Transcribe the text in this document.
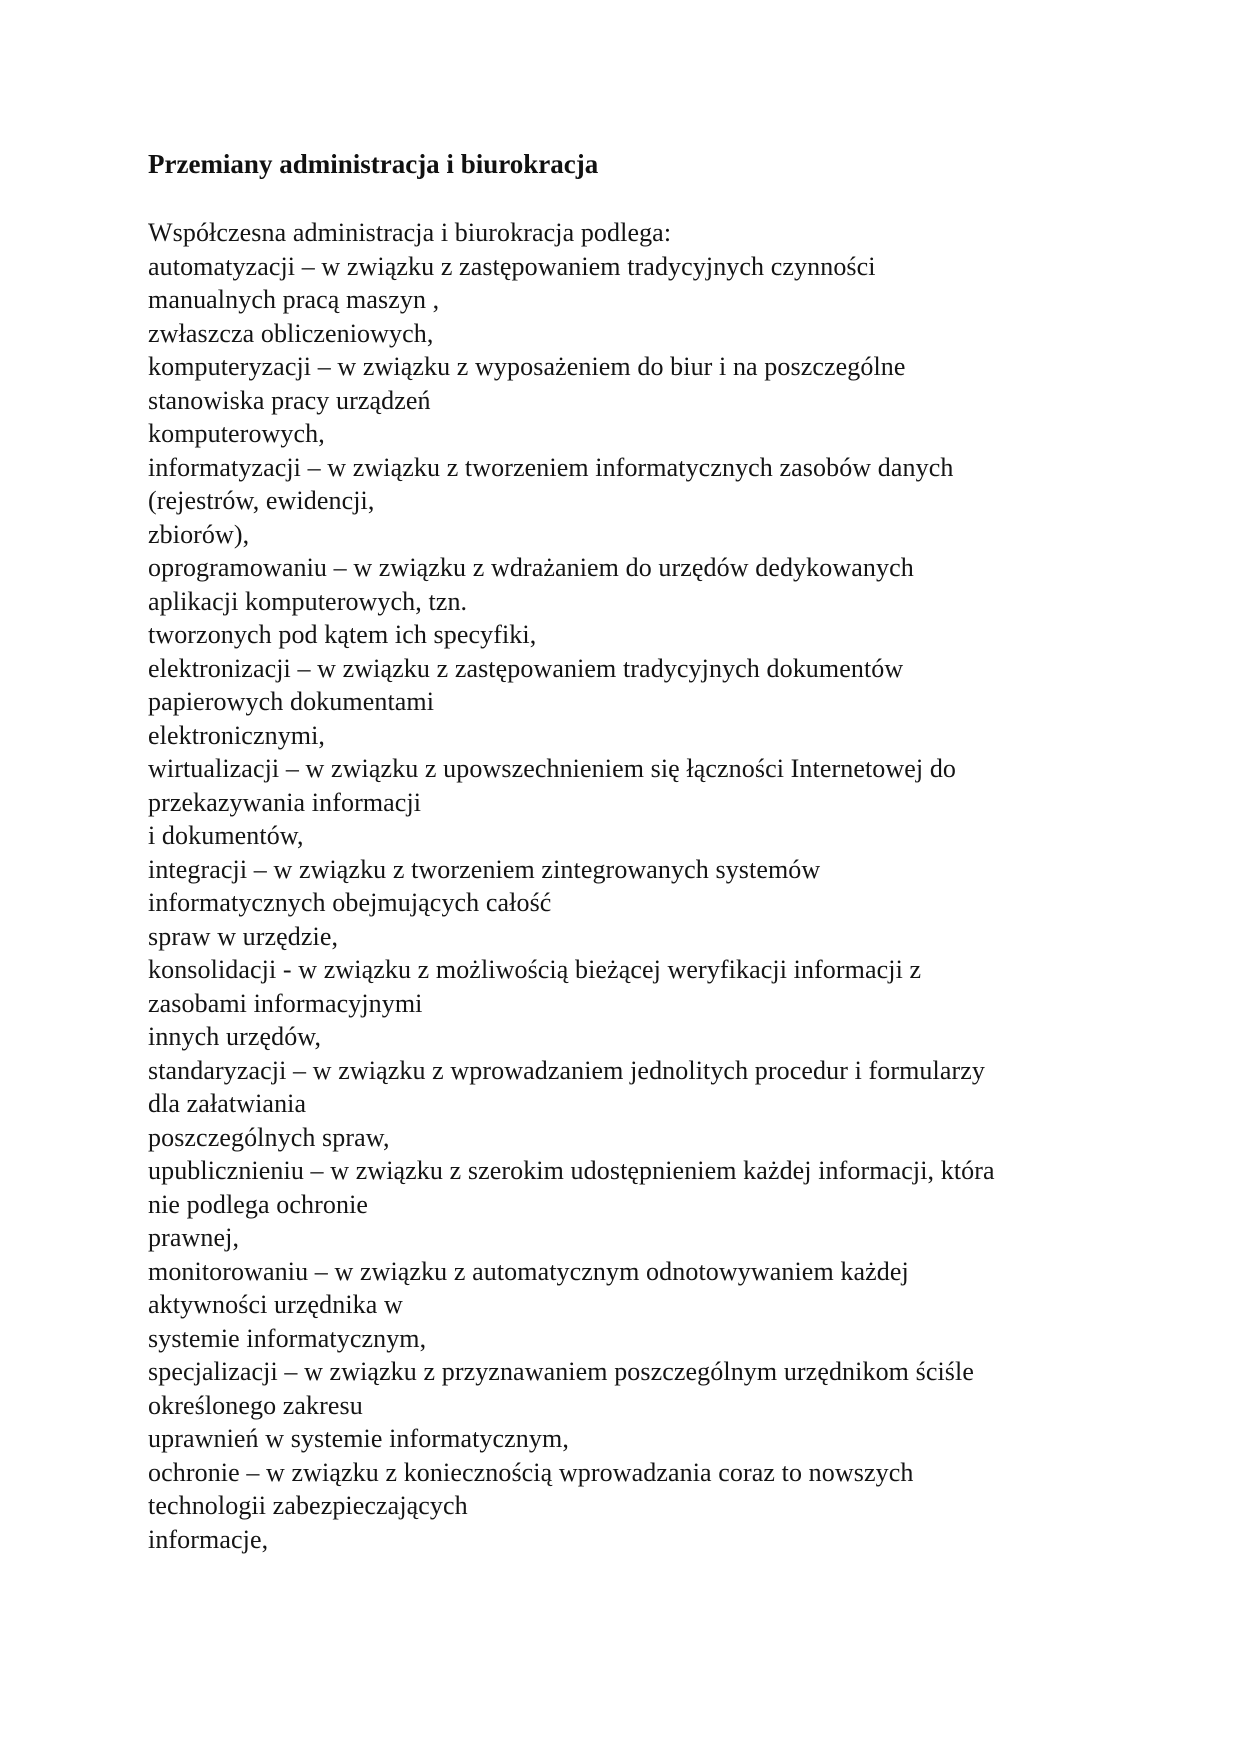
Przemiany administracja i biurokracja
Współczesna administracja i biurokracja podlega:
automatyzacji – w związku z zastępowaniem tradycyjnych czynności
manualnych pracą maszyn ,
zwłaszcza obliczeniowych,
komputeryzacji – w związku z wyposażeniem do biur i na poszczególne
stanowiska pracy urządzeń
komputerowych,
informatyzacji – w związku z tworzeniem informatycznych zasobów danych
(rejestrów, ewidencji,
zbiorów),
oprogramowaniu – w związku z wdrażaniem do urzędów dedykowanych
aplikacji komputerowych, tzn.
tworzonych pod kątem ich specyfiki,
elektronizacji – w związku z zastępowaniem tradycyjnych dokumentów
papierowych dokumentami
elektronicznymi,
wirtualizacji – w związku z upowszechnieniem się łączności Internetowej do
przekazywania informacji
i dokumentów,
integracji – w związku z tworzeniem zintegrowanych systemów
informatycznych obejmujących całość
spraw w urzędzie,
konsolidacji - w związku z możliwością bieżącej weryfikacji informacji z
zasobami informacyjnymi
innych urzędów,
standaryzacji – w związku z wprowadzaniem jednolitych procedur i formularzy
dla załatwiania
poszczególnych spraw,
upublicznieniu – w związku z szerokim udostępnieniem każdej informacji, która
nie podlega ochronie
prawnej,
monitorowaniu – w związku z automatycznym odnotowywaniem każdej
aktywności urzędnika w
systemie informatycznym,
specjalizacji – w związku z przyznawaniem poszczególnym urzędnikom ściśle
określonego zakresu
uprawnień w systemie informatycznym,
ochronie – w związku z koniecznością wprowadzania coraz to nowszych
technologii zabezpieczających
informacje,
